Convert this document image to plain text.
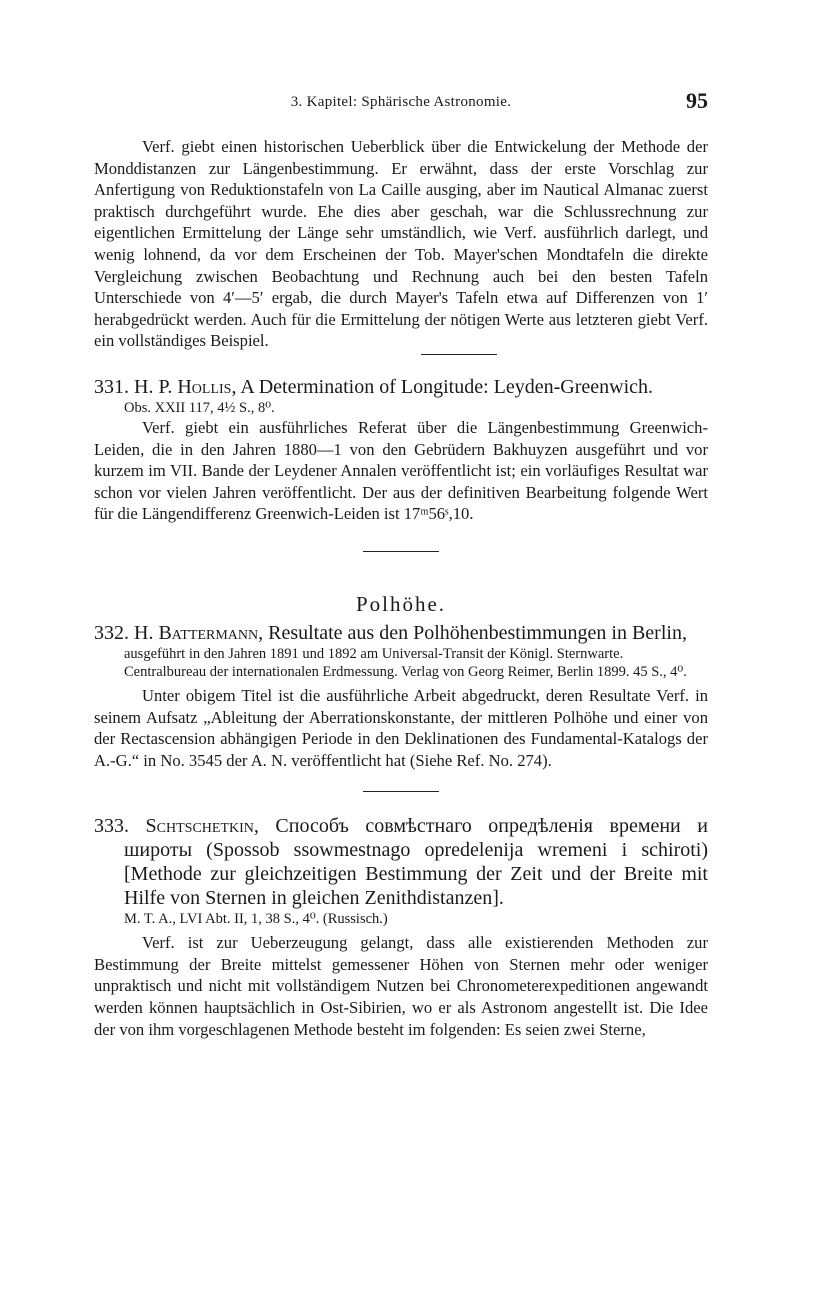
3. Kapitel: Sphärische Astronomie.	95

Verf. giebt einen historischen Ueberblick über die Entwickelung der Methode der Monddistanzen zur Längenbestimmung. Er erwähnt, dass der erste Vorschlag zur Anfertigung von Reduktionstafeln von La Caille ausging, aber im Nautical Almanac zuerst praktisch durchgeführt wurde. Ehe dies aber geschah, war die Schlussrechnung zur eigentlichen Ermittelung der Länge sehr umständlich, wie Verf. ausführlich darlegt, und wenig lohnend, da vor dem Erscheinen der Tob. Mayer'schen Mondtafeln die direkte Vergleichung zwischen Beobachtung und Rechnung auch bei den besten Tafeln Unterschiede von 4′—5′ ergab, die durch Mayer's Tafeln etwa auf Differenzen von 1′ herabgedrückt werden. Auch für die Ermittelung der nötigen Werte aus letzteren giebt Verf. ein vollständiges Beispiel.

331. H. P. Hollis, A Determination of Longitude: Leyden-Greenwich.

Obs. XXII 117, 4½ S., 8⁰.

Verf. giebt ein ausführliches Referat über die Längenbestimmung Greenwich-Leiden, die in den Jahren 1880—1 von den Gebrüdern Bakhuyzen ausgeführt und vor kurzem im VII. Bande der Leydener Annalen veröffentlicht ist; ein vorläufiges Resultat war schon vor vielen Jahren veröffentlicht. Der aus der definitiven Bearbeitung folgende Wert für die Längendifferenz Greenwich-Leiden ist 17ᵐ56ˢ,10.

Polhöhe.

332. H. Battermann, Resultate aus den Polhöhenbestimmungen in Berlin,

ausgeführt in den Jahren 1891 und 1892 am Universal-Transit der Königl. Sternwarte. Centralbureau der internationalen Erdmessung. Verlag von Georg Reimer, Berlin 1899. 45 S., 4⁰.

Unter obigem Titel ist die ausführliche Arbeit abgedruckt, deren Resultate Verf. in seinem Aufsatz „Ableitung der Aberrationskonstante, der mittleren Polhöhe und einer von der Rectascension abhängigen Periode in den Deklinationen des Fundamental-Katalogs der A.-G.“ in No. 3545 der A. N. veröffentlicht hat (Siehe Ref. No. 274).

333. Schtschetkin, Способъ совмѣстнаго опредѣленія времени и широты (Spossob ssowmestnago opredelenija wremeni i schiroti) [Methode zur gleichzeitigen Bestimmung der Zeit und der Breite mit Hilfe von Sternen in gleichen Zenithdistanzen].

M. T. A., LVI Abt. II, 1, 38 S., 4⁰. (Russisch.)

Verf. ist zur Ueberzeugung gelangt, dass alle existierenden Methoden zur Bestimmung der Breite mittelst gemessener Höhen von Sternen mehr oder weniger unpraktisch und nicht mit vollständigem Nutzen bei Chronometerexpeditionen angewandt werden können hauptsächlich in Ost-Sibirien, wo er als Astronom angestellt ist. Die Idee der von ihm vorgeschlagenen Methode besteht im folgenden: Es seien zwei Sterne,
